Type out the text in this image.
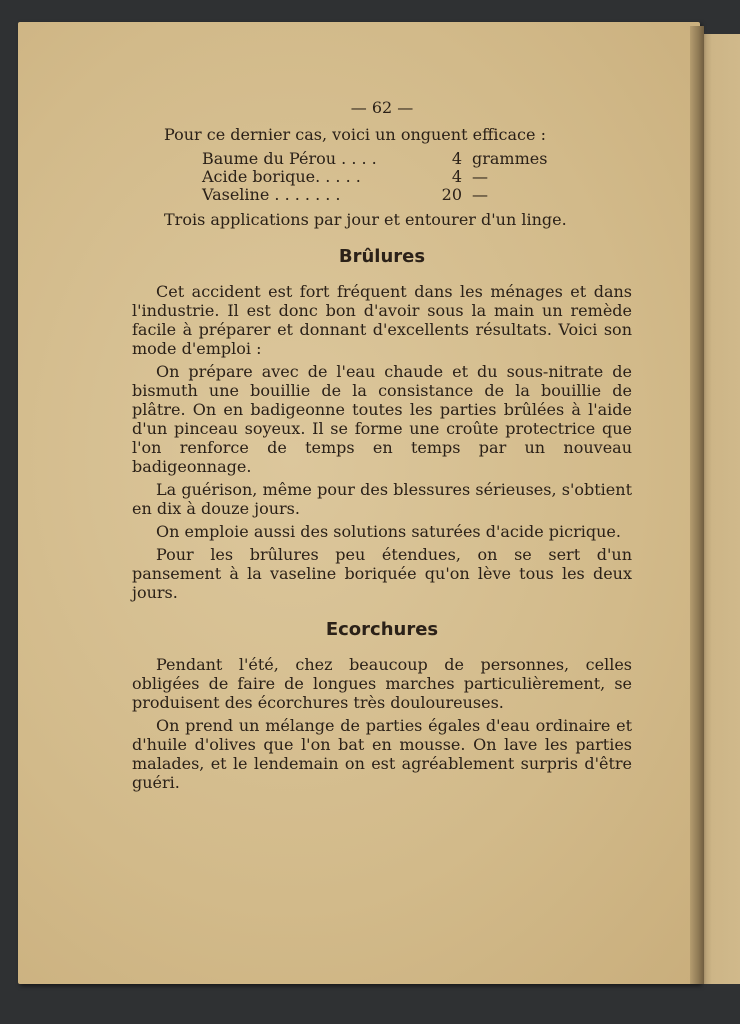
— 62 —

Pour ce dernier cas, voici un onguent efficace :

Baume du Pérou . . . .	4	grammes
Acide borique. . . . .	4	—
Vaseline . . . . . . .	20	—

Trois applications par jour et entourer d'un linge.

Brûlures

Cet accident est fort fréquent dans les ménages et dans l'industrie. Il est donc bon d'avoir sous la main un remède facile à préparer et donnant d'excellents résultats. Voici son mode d'emploi :

On prépare avec de l'eau chaude et du sous-nitrate de bismuth une bouillie de la consistance de la bouillie de plâtre. On en badigeonne toutes les parties brûlées à l'aide d'un pinceau soyeux. Il se forme une croûte protectrice que l'on renforce de temps en temps par un nouveau badigeonnage.

La guérison, même pour des blessures sérieuses, s'obtient en dix à douze jours.

On emploie aussi des solutions saturées d'acide picrique.

Pour les brûlures peu étendues, on se sert d'un pansement à la vaseline boriquée qu'on lève tous les deux jours.

Ecorchures

Pendant l'été, chez beaucoup de personnes, celles obligées de faire de longues marches particulièrement, se produisent des écorchures très douloureuses.

On prend un mélange de parties égales d'eau ordinaire et d'huile d'olives que l'on bat en mousse. On lave les parties malades, et le lendemain on est agréablement surpris d'être guéri.
